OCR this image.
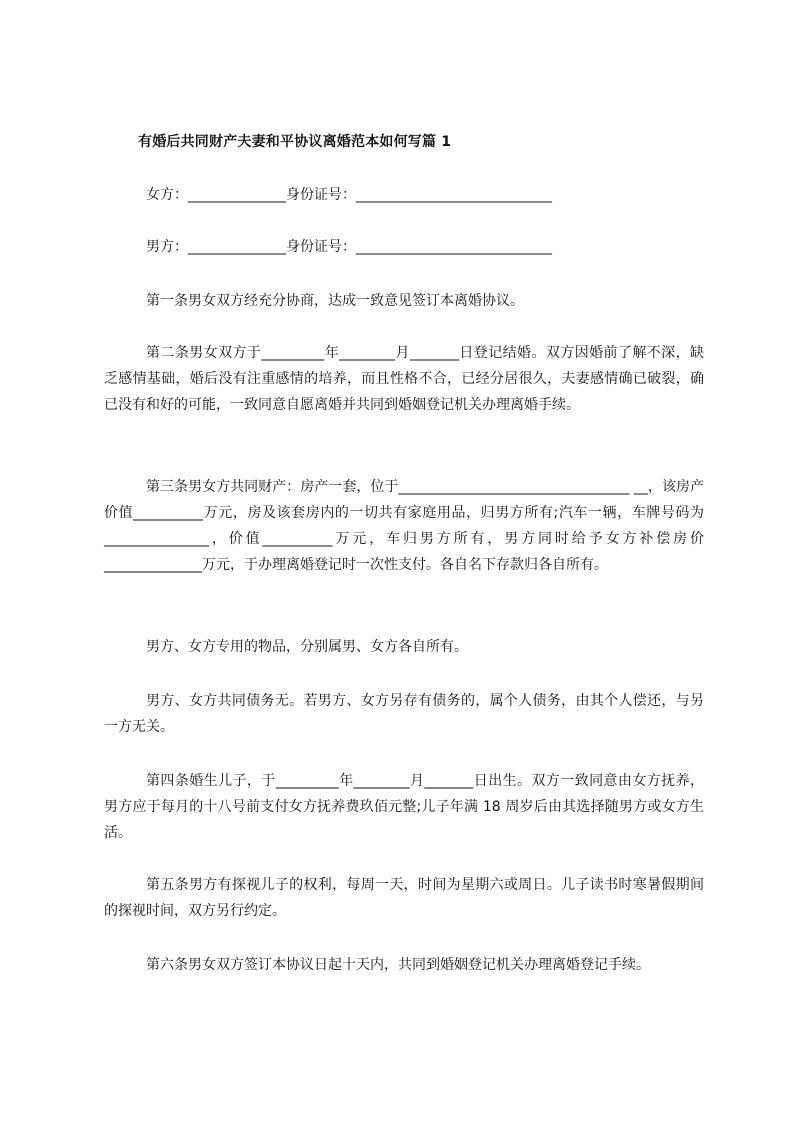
有婚后共同财产夫妻和平协议离婚范本如何写篇 1
女方：______________身份证号：____________________________
男方：______________身份证号：____________________________
第一条男女双方经充分协商，达成一致意见签订本离婚协议。
第二条男女双方于_________年________月_______日登记结婚。双方因婚前了解不深，缺乏感情基础，婚后没有注重感情的培养，而且性格不合，已经分居很久，夫妻感情确已破裂，确已没有和好的可能，一致同意自愿离婚并共同到婚姻登记机关办理离婚手续。
第三条男女方共同财产：房产一套，位于_________________________________ __，该房产价值__________万元，房及该套房内的一切共有家庭用品，归男方所有;汽车一辆，车牌号码为_______________，价值__________万元，车归男方所有，男方同时给予女方补偿房价______________万元，于办理离婚登记时一次性支付。各自名下存款归各自所有。
男方、女方专用的物品，分别属男、女方各自所有。
男方、女方共同债务无。若男方、女方另存有债务的，属个人债务，由其个人偿还，与另一方无关。
第四条婚生儿子，于_________年________月_______日出生。双方一致同意由女方抚养，男方应于每月的十八号前支付女方抚养费玖佰元整;儿子年满 18 周岁后由其选择随男方或女方生活。
第五条男方有探视儿子的权利，每周一天，时间为星期六或周日。儿子读书时寒暑假期间的探视时间，双方另行约定。
第六条男女双方签订本协议日起十天内，共同到婚姻登记机关办理离婚登记手续。
